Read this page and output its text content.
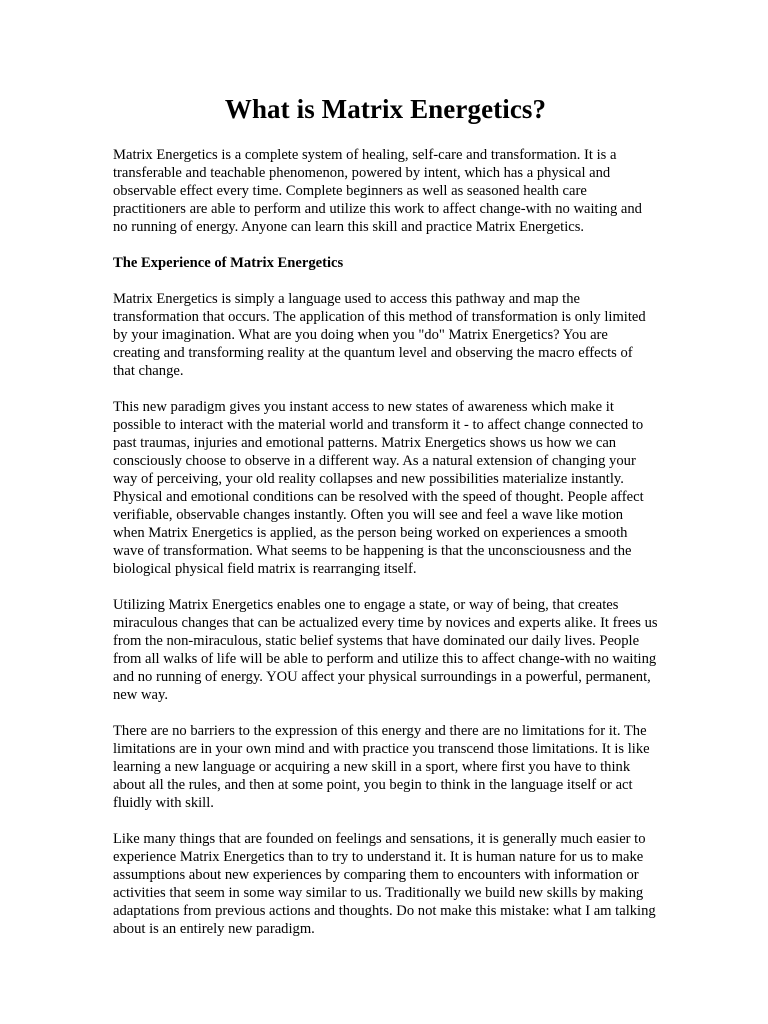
What is Matrix Energetics?

Matrix Energetics is a complete system of healing, self-care and transformation. It is a transferable and teachable phenomenon, powered by intent, which has a physical and observable effect every time. Complete beginners as well as seasoned health care practitioners are able to perform and utilize this work to affect change-with no waiting and no running of energy. Anyone can learn this skill and practice Matrix Energetics.

The Experience of Matrix Energetics

Matrix Energetics is simply a language used to access this pathway and map the transformation that occurs. The application of this method of transformation is only limited by your imagination. What are you doing when you "do" Matrix Energetics? You are creating and transforming reality at the quantum level and observing the macro effects of that change.

This new paradigm gives you instant access to new states of awareness which make it possible to interact with the material world and transform it - to affect change connected to past traumas, injuries and emotional patterns. Matrix Energetics shows us how we can consciously choose to observe in a different way. As a natural extension of changing your way of perceiving, your old reality collapses and new possibilities materialize instantly. Physical and emotional conditions can be resolved with the speed of thought. People affect verifiable, observable changes instantly. Often you will see and feel a wave like motion when Matrix Energetics is applied, as the person being worked on experiences a smooth wave of transformation. What seems to be happening is that the unconsciousness and the biological physical field matrix is rearranging itself.

Utilizing Matrix Energetics enables one to engage a state, or way of being, that creates miraculous changes that can be actualized every time by novices and experts alike. It frees us from the non-miraculous, static belief systems that have dominated our daily lives. People from all walks of life will be able to perform and utilize this to affect change-with no waiting and no running of energy. YOU affect your physical surroundings in a powerful, permanent, new way.

There are no barriers to the expression of this energy and there are no limitations for it. The limitations are in your own mind and with practice you transcend those limitations. It is like learning a new language or acquiring a new skill in a sport, where first you have to think about all the rules, and then at some point, you begin to think in the language itself or act fluidly with skill.

Like many things that are founded on feelings and sensations, it is generally much easier to experience Matrix Energetics than to try to understand it. It is human nature for us to make assumptions about new experiences by comparing them to encounters with information or activities that seem in some way similar to us. Traditionally we build new skills by making adaptations from previous actions and thoughts. Do not make this mistake: what I am talking about is an entirely new paradigm.
